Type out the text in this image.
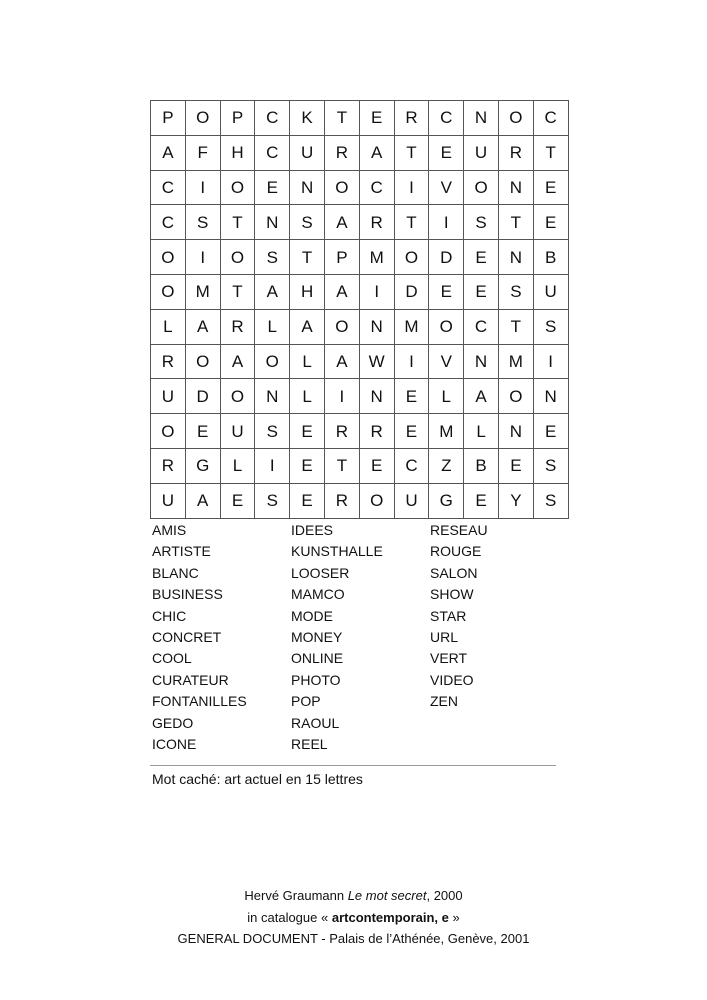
P	O	P	C	K	T	E	R	C	N	O	C
A	F	H	C	U	R	A	T	E	U	R	T
C	I	O	E	N	O	C	I	V	O	N	E
C	S	T	N	S	A	R	T	I	S	T	E
O	I	O	S	T	P	M	O	D	E	N	B
O	M	T	A	H	A	I	D	E	E	S	U
L	A	R	L	A	O	N	M	O	C	T	S
R	O	A	O	L	A	W	I	V	N	M	I
U	D	O	N	L	I	N	E	L	A	O	N
O	E	U	S	E	R	R	E	M	L	N	E
R	G	L	I	E	T	E	C	Z	B	E	S
U	A	E	S	E	R	O	U	G	E	Y	S
AMIS
ARTISTE
BLANC
BUSINESS
CHIC
CONCRET
COOL
CURATEUR
FONTANILLES
GEDO
ICONE
IDEES
KUNSTHALLE
LOOSER
MAMCO
MODE
MONEY
ONLINE
PHOTO
POP
RAOUL
REEL
RESEAU
ROUGE
SALON
SHOW
STAR
URL
VERT
VIDEO
ZEN
Mot caché: art actuel en 15 lettres
Hervé Graumann Le mot secret, 2000
in catalogue « artcontemporain, e »
GENERAL DOCUMENT - Palais de l’Athénée, Genève, 2001
